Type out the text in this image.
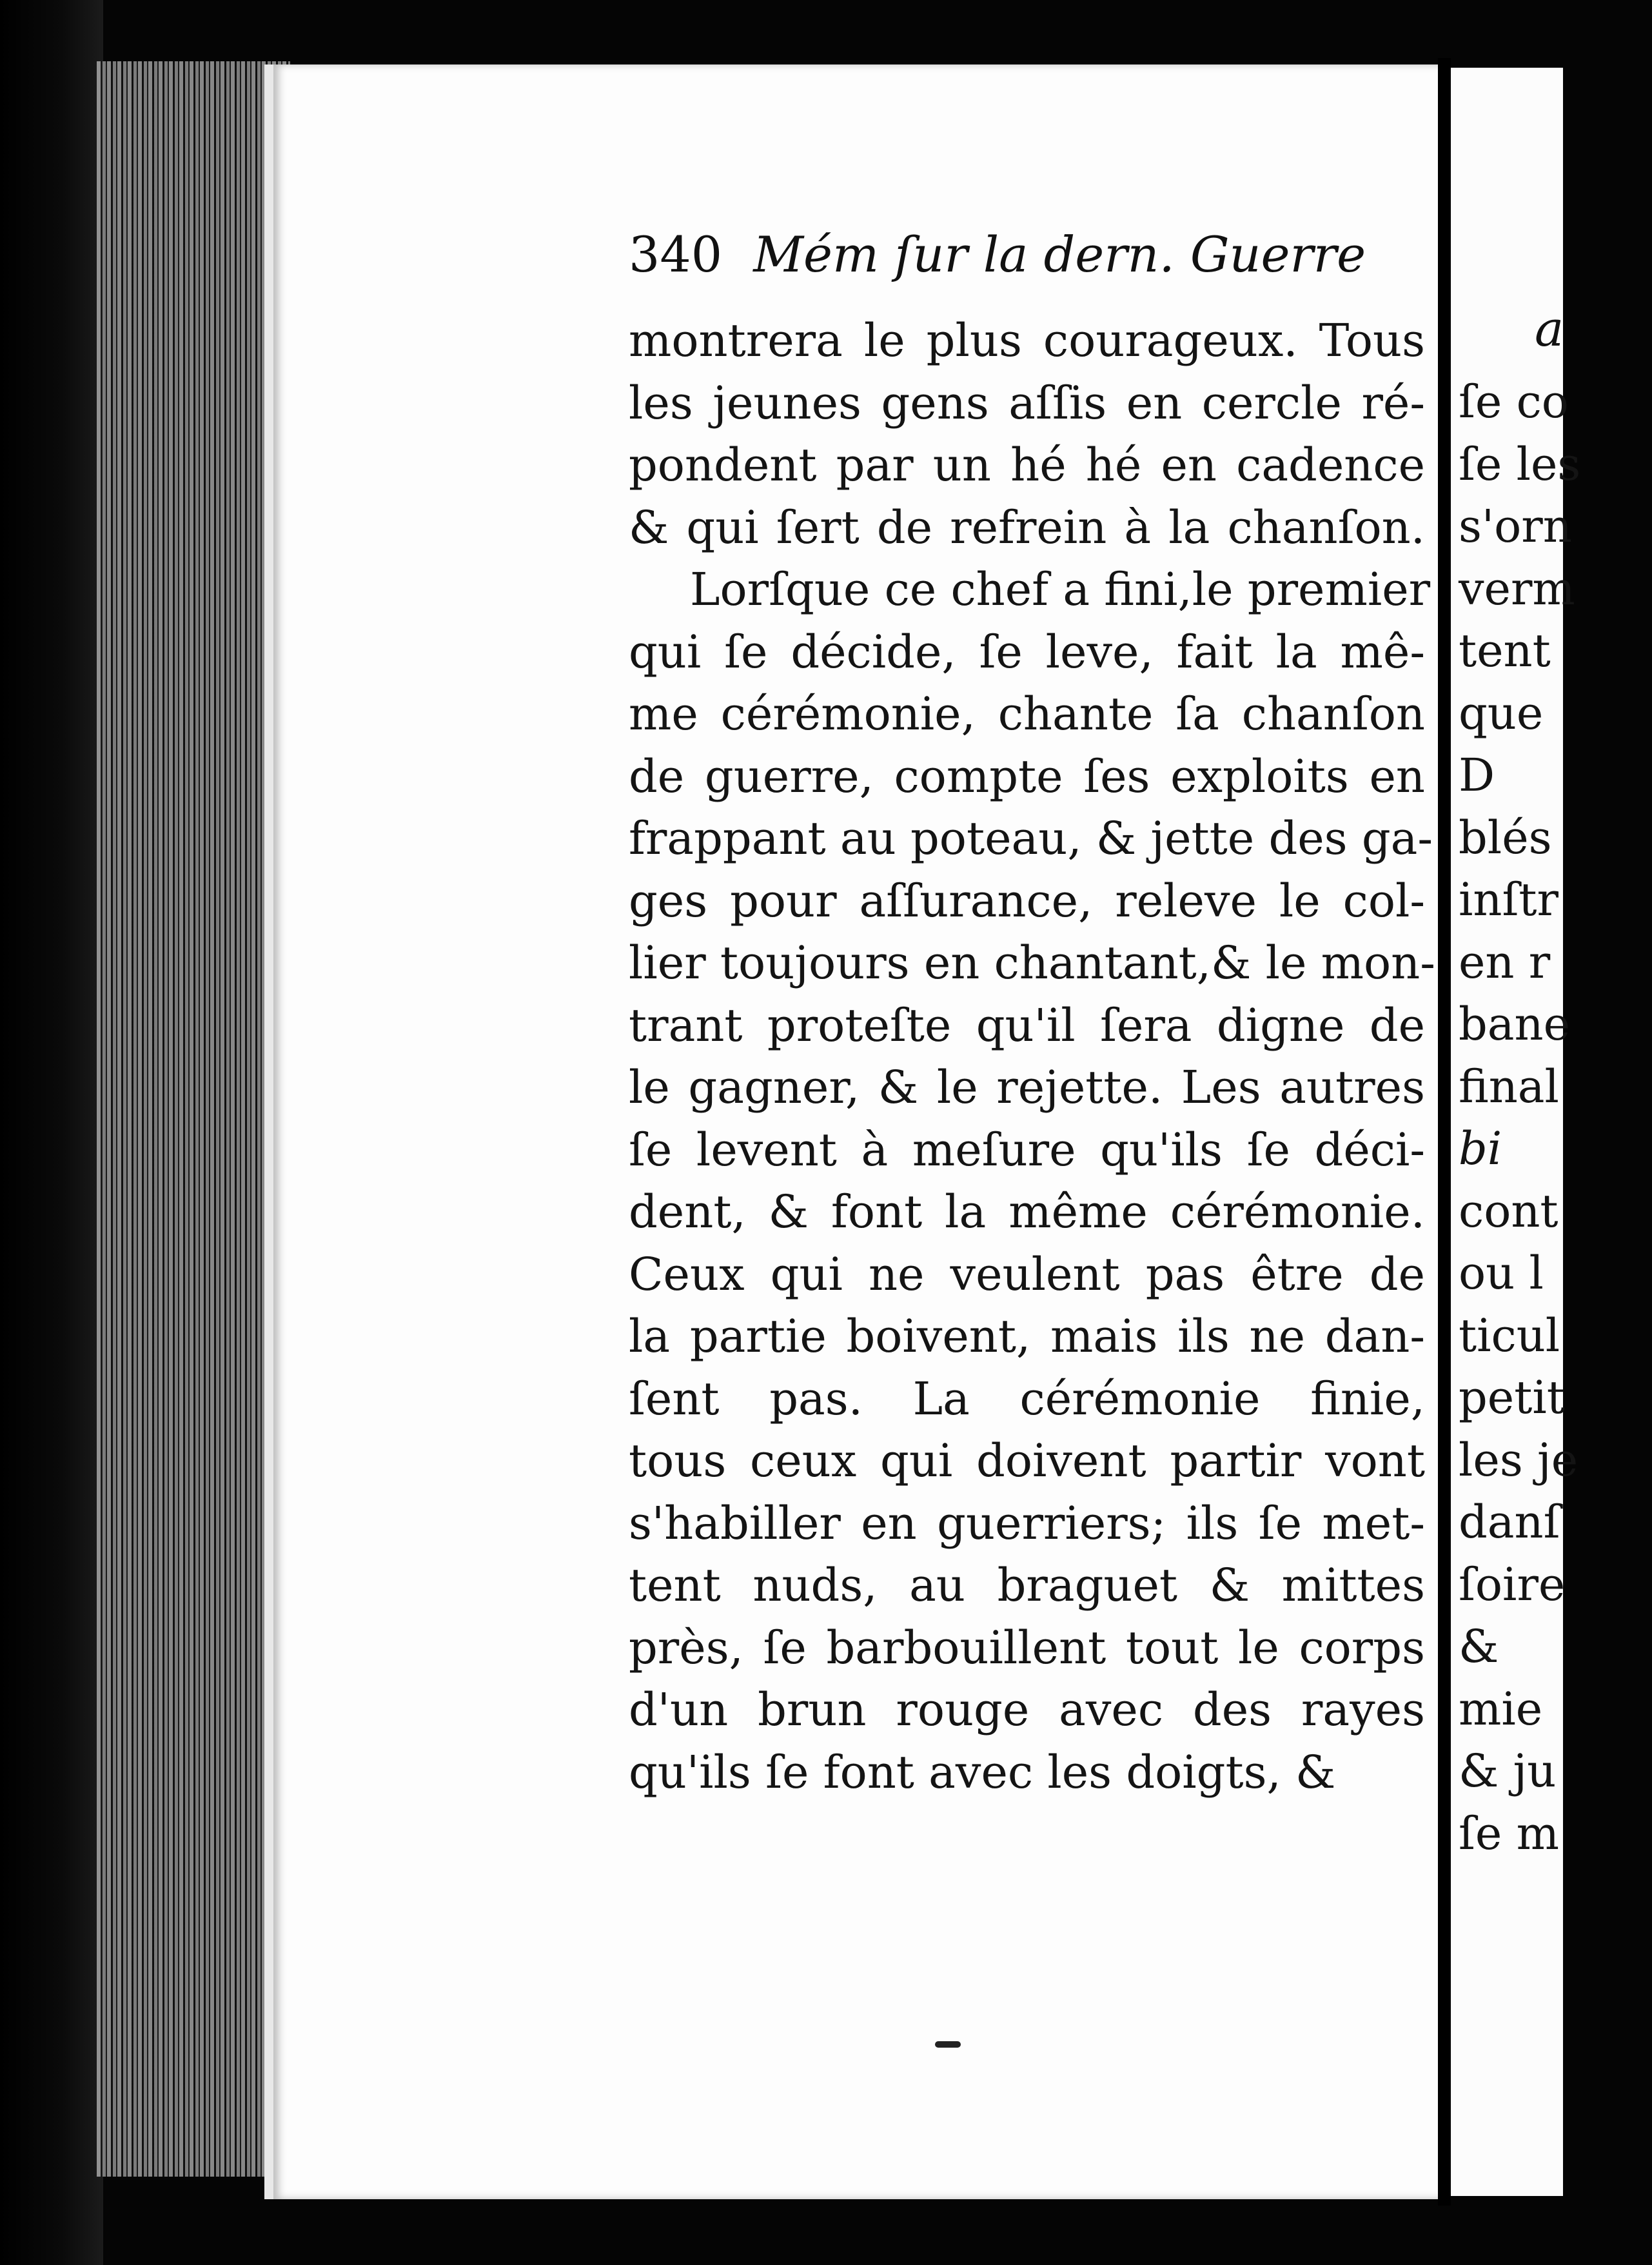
340 Mém ſur la dern. Guerre
montrera le plus courageux. Tous
les jeunes gens aſſis en cercle ré-
pondent par un hé hé en cadence
& qui ſert de refrein à la chanſon.
Lorſque ce chef a fini,le premier
qui ſe décide, ſe leve, fait la mê-
me cérémonie, chante ſa chanſon
de guerre, compte ſes exploits en
frappant au poteau, & jette des ga-
ges pour aſſurance, releve le col-
lier toujours en chantant,& le mon-
trant proteſte qu'il ſera digne de
le gagner, & le rejette. Les autres
ſe levent à meſure qu'ils ſe déci-
dent, & font la même cérémonie.
Ceux qui ne veulent pas être de
la partie boivent, mais ils ne dan-
ſent pas. La cérémonie finie,
tous ceux qui doivent partir vont
s'habiller en guerriers; ils ſe met-
tent nuds, au braguet & mittes
près, ſe barbouillent tout le corps
d'un brun rouge avec des rayes
qu'ils ſe font avec les doigts, &
a
ſe co
ſe les
s'orn
verm
tent
que
D
blés
inſtr
en r
bane
final
bi
cont
ou l
ticul
petit
les je
danſ
ſoire
&
mie
& ju
ſe m
